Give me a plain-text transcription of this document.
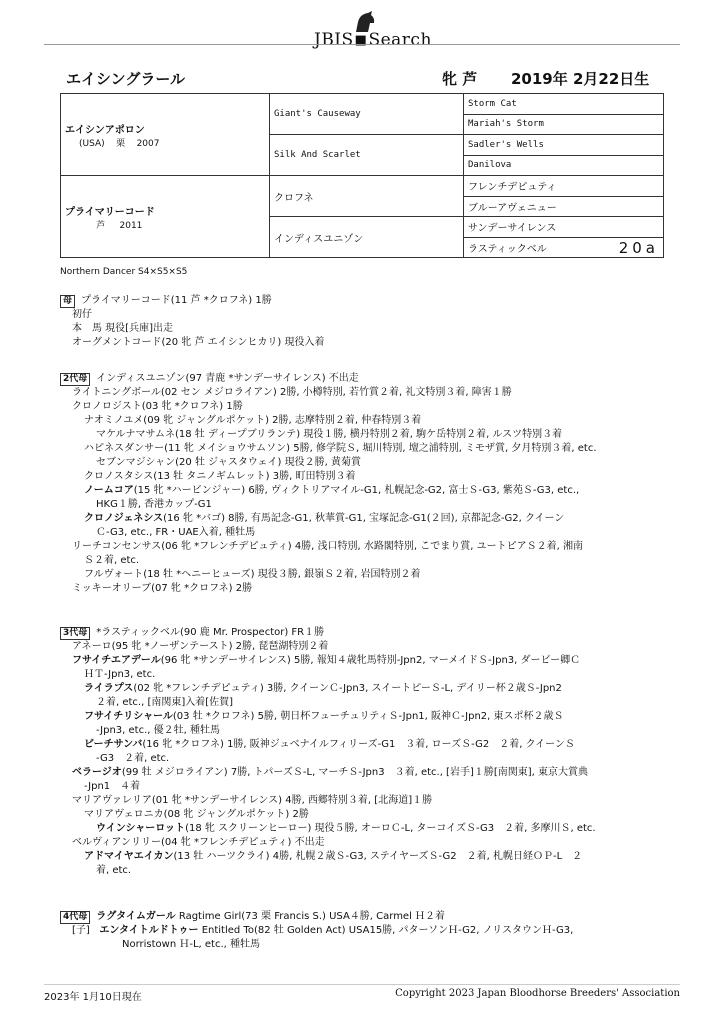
JBIS■Search
エイシングラール	牝 芦 2019年 2月22日生
エイシンアポロン
(USA) 栗 2007	Giant's Causeway	Storm Cat
		Mariah's Storm
	Silk And Scarlet	Sadler's Wells
		Danilova

プライマリーコード
芦 2011	クロフネ	フレンチデピュティ
		ブルーアヴェニュー
	インディスユニゾン	サンデーサイレンス
		ラスティックベル 20a
Northern Dancer S4×S5×S5
母 プライマリーコード(11 芦 *クロフネ) 1勝
初仔
本　馬 現役[兵庫]出走
オーグメントコード(20 牝 芦 エイシンヒカリ) 現役入着
2代母 インディスユニゾン(97 青鹿 *サンデーサイレンス) 不出走
ライトニングボール(02 セン メジロライアン) 2勝, 小樽特別, 若竹賞２着, 礼文特別３着, 障害１勝
クロノロジスト(03 牝 *クロフネ) 1勝
ナオミノユメ(09 牝 ジャングルポケット) 2勝, 志摩特別２着, 仲春特別３着
マケルナマサムネ(18 牡 ディープブリランテ) 現役１勝, 横丹特別２着, 駒ケ岳特別２着, ルスツ特別３着
ハピネスダンサー(11 牝 メイショウサムソン) 5勝, 修学院Ｓ, 堀川特別, 壇之浦特別, ミモザ賞, 夕月特別３着, etc.
セブンマジシャン(20 牡 ジャスタウェイ) 現役２勝, 黄菊賞
クロノスタシス(13 牡 タニノギムレット) 3勝, 町田特別３着
ノームコア(15 牝 *ハービンジャー) 6勝, ヴィクトリアマイル-G1, 札幌記念-G2, 富士Ｓ-G3, 紫苑Ｓ-G3, etc.,
HKG１勝, 香港カップ-G1
クロノジェネシス(16 牝 *バゴ) 8勝, 有馬記念-G1, 秋華賞-G1, 宝塚記念-G1(２回), 京都記念-G2, クイーン
Ｃ-G3, etc., FR・UAE入着, 種牡馬
リーチコンセンサス(06 牝 *フレンチデピュティ) 4勝, 浅口特別, 水路閣特別, こでまり賞, ユートピアＳ２着, 湘南
Ｓ２着, etc.
フルヴォート(18 牡 *ヘニーヒューズ) 現役３勝, 銀嶺Ｓ２着, 岩国特別２着
ミッキーオリーブ(07 牝 *クロフネ) 2勝
3代母 *ラスティックベル(90 鹿 Mr. Prospector) FR１勝
アネーロ(95 牝 *ノーザンテースト) 2勝, 琵琶湖特別２着
フサイチエアデール(96 牝 *サンデーサイレンス) 5勝, 報知４歳牝馬特別-Jpn2, マーメイドＳ-Jpn3, ダービー卿Ｃ
ＨＴ-Jpn3, etc.
ライラプス(02 牝 *フレンチデピュティ) 3勝, クイーンＣ-Jpn3, スイートピーＳ-L, デイリー杯２歳Ｓ-Jpn2
２着, etc., [南関東]入着[佐賀]
フサイチリシャール(03 牡 *クロフネ) 5勝, 朝日杯フューチュリティＳ-Jpn1, 阪神Ｃ-Jpn2, 東スポ杯２歳Ｓ
-Jpn3, etc., 優２牡, 種牡馬
ビーチサンバ(16 牝 *クロフネ) 1勝, 阪神ジュベナイルフィリーズ-G1　３着, ローズＳ-G2　２着, クイーンＳ
-G3　２着, etc.
ベラージオ(99 牡 メジロライアン) 7勝, トパーズＳ-L, マーチＳ-Jpn3　３着, etc., [岩手]１勝[南関東], 東京大賞典
-Jpn1　４着
マリアヴァレリア(01 牝 *サンデーサイレンス) 4勝, 西郷特別３着, [北海道]１勝
マリアヴェロニカ(08 牝 ジャングルポケット) 2勝
ウインシャーロット(18 牝 スクリーンヒーロー) 現役５勝, オーロＣ-L, ターコイズＳ-G3　２着, 多摩川Ｓ, etc.
ベルヴィアンリリー(04 牝 *フレンチデピュティ) 不出走
アドマイヤエイカン(13 牡 ハーツクライ) 4勝, 札幌２歳Ｓ-G3, ステイヤーズＳ-G2　２着, 札幌日経ＯＰ-L　２
着, etc.
4代母 ラグタイムガール Ragtime Girl(73 栗 Francis S.) USA４勝, Carmel Ｈ２着
[子] エンタイトルドトゥー Entitled To(82 牡 Golden Act) USA15勝, パターソンＨ-G2, ノリスタウンＨ-G3,
Norristown Ｈ-L, etc., 種牡馬
2023年 1月10日現在	Copyright 2023 Japan Bloodhorse Breeders' Association
